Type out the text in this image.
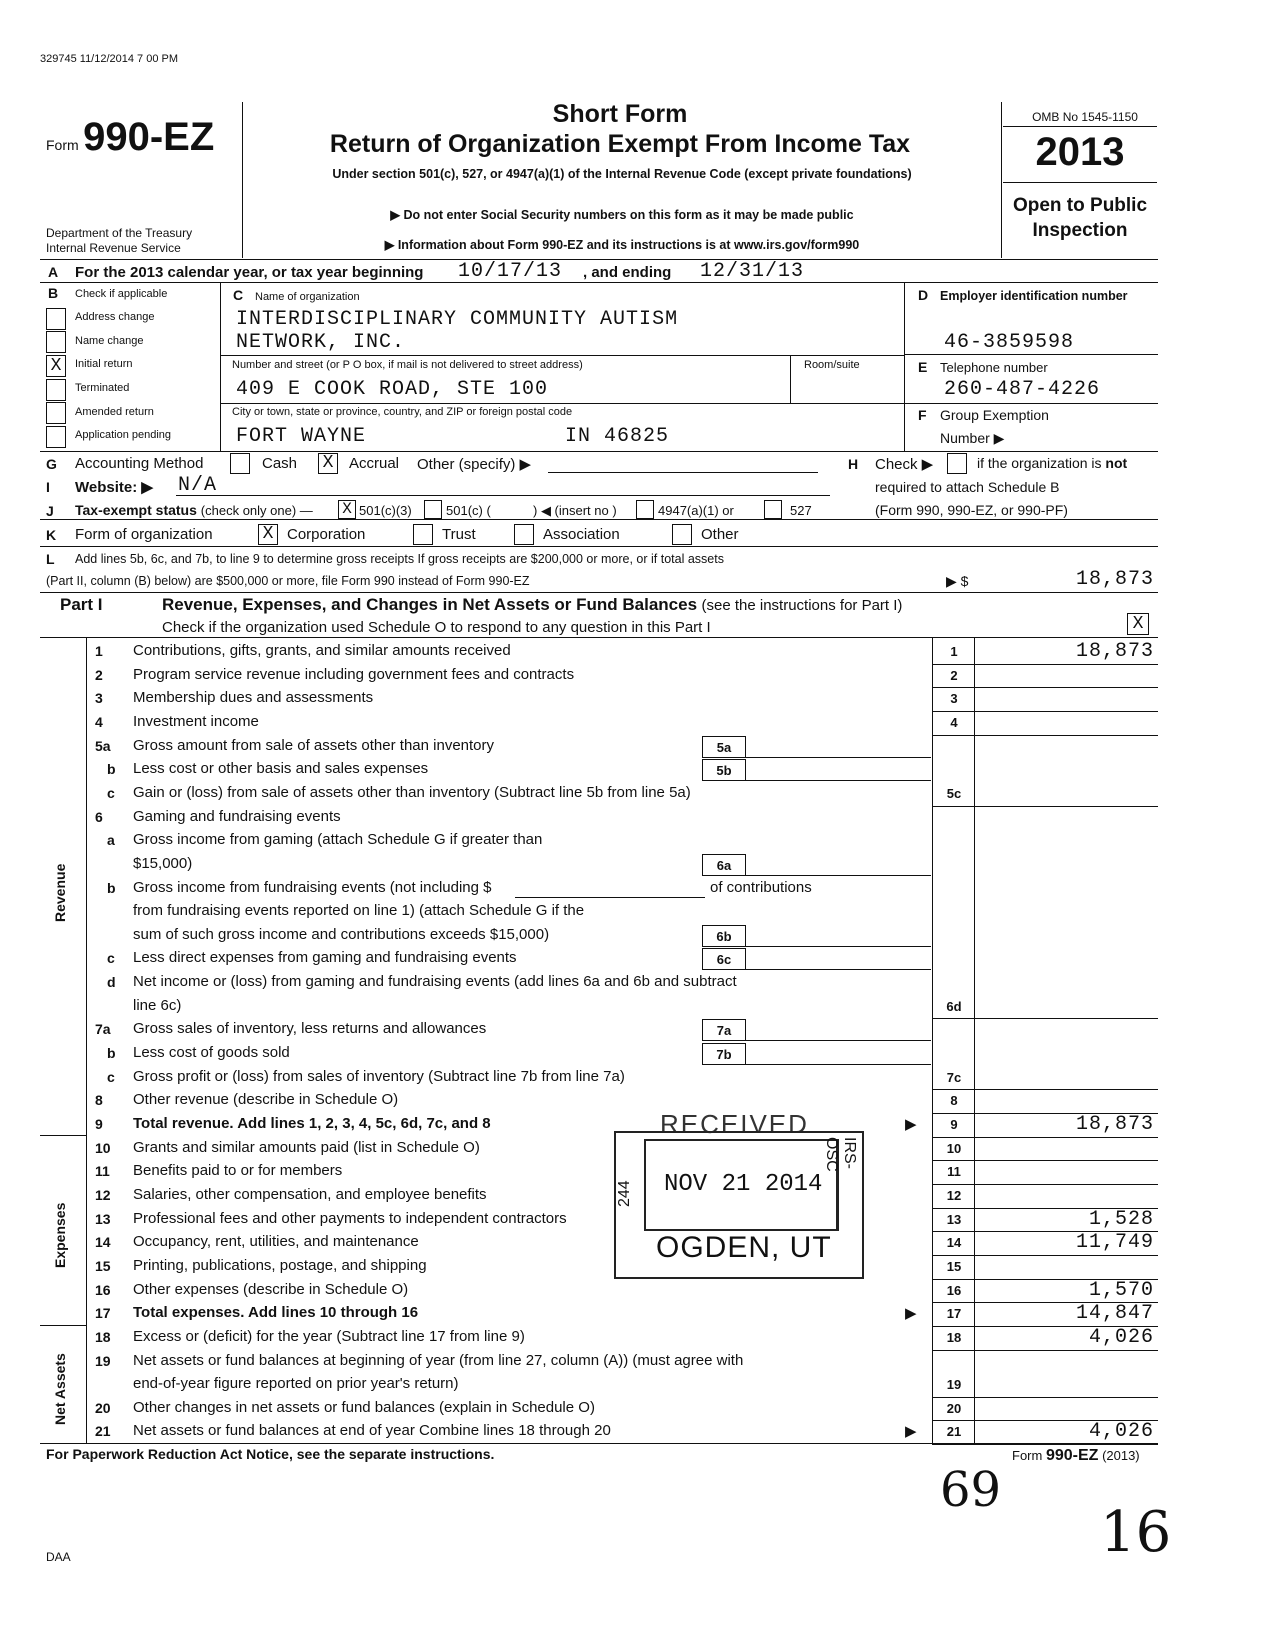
329745 11/12/2014 7 00 PM
Form 990-EZ
Department of the Treasury
Internal Revenue Service
Short Form
Return of Organization Exempt From Income Tax
Under section 501(c), 527, or 4947(a)(1) of the Internal Revenue Code (except private foundations)
▶ Do not enter Social Security numbers on this form as it may be made public
▶ Information about Form 990-EZ and its instructions is at www.irs.gov/form990
OMB No 1545-1150
2013
Open to Public
Inspection
A For the 2013 calendar year, or tax year beginning 10/17/13 , and ending 12/31/13
B Check if applicable
Address change
Name change
X	Initial return
Terminated
Amended return
Application pending
C Name of organization
INTERDISCIPLINARY COMMUNITY AUTISM
NETWORK, INC.
Number and street (or P O box, if mail is not delivered to street address)	Room/suite
409 E COOK ROAD, STE 100
City or town, state or province, country, and ZIP or foreign postal code
FORT WAYNE	IN 46825
D Employer identification number
46-3859598
E Telephone number
260-487-4226
F Group Exemption
Number ▶
G Accounting Method	Cash X	Accrual Other (specify) ▶	H Check ▶	if the organization is not
required to attach Schedule B
(Form 990, 990-EZ, or 990-PF)
I Website: ▶ N/A
J Tax-exempt status (check only one) — X 501(c)(3)	501(c) (	) ◀ (insert no )	4947(a)(1) or	527
K Form of organization	X Corporation	Trust	Association	Other
L Add lines 5b, 6c, and 7b, to line 9 to determine gross receipts If gross receipts are $200,000 or more, or if total assets
(Part II, column (B) below) are $500,000 or more, file Form 990 instead of Form 990-EZ	▶ $	18,873
Part I	Revenue, Expenses, and Changes in Net Assets or Fund Balances (see the instructions for Part I)
Check if the organization used Schedule O to respond to any question in this Part I	X
1 Contributions, gifts, grants, and similar amounts received	1	18,873
2 Program service revenue including government fees and contracts	2
3 Membership dues and assessments	3
4 Investment income	4
5a Gross amount from sale of assets other than inventory	5a
b Less cost or other basis and sales expenses	5b
c Gain or (loss) from sale of assets other than inventory (Subtract line 5b from line 5a)	5c
6 Gaming and fundraising events
a Gross income from gaming (attach Schedule G if greater than
$15,000)	6a
b Gross income from fundraising events (not including $	of contributions
from fundraising events reported on line 1) (attach Schedule G if the
sum of such gross income and contributions exceeds $15,000)	6b
c Less direct expenses from gaming and fundraising events	6c
d Net income or (loss) from gaming and fundraising events (add lines 6a and 6b and subtract
line 6c)	6d
7a Gross sales of inventory, less returns and allowances	7a
b Less cost of goods sold	7b
c Gross profit or (loss) from sales of inventory (Subtract line 7b from line 7a)	7c
8 Other revenue (describe in Schedule O)	8
9 Total revenue. Add lines 1, 2, 3, 4, 5c, 6d, 7c, and 8	▶	9	18,873
10 Grants and similar amounts paid (list in Schedule O)	10
11 Benefits paid to or for members	11
12 Salaries, other compensation, and employee benefits	12
13 Professional fees and other payments to independent contractors	13	1,528
14 Occupancy, rent, utilities, and maintenance	14	11,749
15 Printing, publications, postage, and shipping	15
16 Other expenses (describe in Schedule O)	16	1,570
17 Total expenses. Add lines 10 through 16	▶	17	14,847
18 Excess or (deficit) for the year (Subtract line 17 from line 9)	18	4,026
19 Net assets or fund balances at beginning of year (from line 27, column (A)) (must agree with
end-of-year figure reported on prior year's return)	19
20 Other changes in net assets or fund balances (explain in Schedule O)	20
21 Net assets or fund balances at end of year Combine lines 18 through 20	▶	21	4,026
Revenue
Expenses
Net Assets
RECEIVED
NOV 21 2014
244
IRS-OSC
OGDEN, UT
For Paperwork Reduction Act Notice, see the separate instructions.	Form 990-EZ (2013)
DAA
69
16
